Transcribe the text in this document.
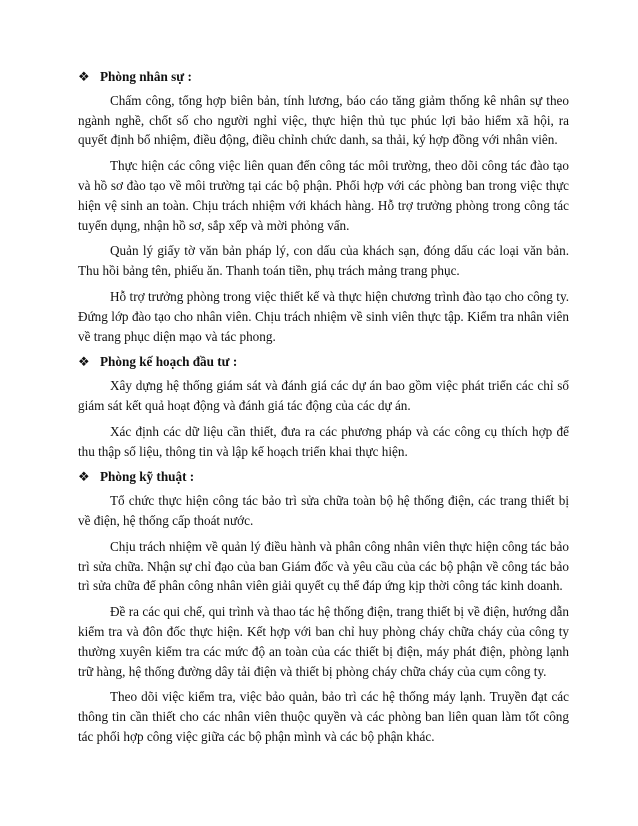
❖ Phòng nhân sự :

Chấm công, tổng hợp biên bản, tính lương, báo cáo tăng giảm thống kê nhân sự theo ngành nghề, chốt số cho người nghỉ việc, thực hiện thủ tục phúc lợi bảo hiểm xã hội, ra quyết định bổ nhiệm, điều động, điều chỉnh chức danh, sa thải, ký hợp đồng với nhân viên.

Thực hiện các công việc liên quan đến công tác môi trường, theo dõi công tác đào tạo và hồ sơ đào tạo về môi trường tại các bộ phận. Phối hợp với các phòng ban trong việc thực hiện vệ sinh an toàn. Chịu trách nhiệm với khách hàng. Hỗ trợ trưởng phòng trong công tác tuyển dụng, nhận hồ sơ, sắp xếp và mời phỏng vấn.

Quản lý giấy tờ văn bản pháp lý, con dấu của khách sạn, đóng dấu các loại văn bản. Thu hồi bảng tên, phiếu ăn. Thanh toán tiền, phụ trách mảng trang phục.

Hỗ trợ trưởng phòng trong việc thiết kế và thực hiện chương trình đào tạo cho công ty. Đứng lớp đào tạo cho nhân viên. Chịu trách nhiệm về sinh viên thực tập. Kiểm tra nhân viên về trang phục diện mạo và tác phong.

❖ Phòng kế hoạch đầu tư :

Xây dựng hệ thống giám sát và đánh giá các dự án bao gồm việc phát triển các chỉ số giám sát kết quả hoạt động và đánh giá tác động của các dự án.

Xác định các dữ liệu cần thiết, đưa ra các phương pháp và các công cụ thích hợp để thu thập số liệu, thông tin và lập kế hoạch triển khai thực hiện.

❖ Phòng kỹ thuật :

Tổ chức thực hiện công tác bảo trì sửa chữa toàn bộ hệ thống điện, các trang thiết bị về điện, hệ thống cấp thoát nước.

Chịu trách nhiệm về quản lý điều hành và phân công nhân viên thực hiện công tác bảo trì sửa chữa. Nhận sự chỉ đạo của ban Giám đốc và yêu cầu của các bộ phận về công tác bảo trì sửa chữa để phân công nhân viên giải quyết cụ thể đáp ứng kịp thời công tác kinh doanh.

Đề ra các qui chế, qui trình và thao tác hệ thống điện, trang thiết bị về điện, hướng dẫn kiểm tra và đôn đốc thực hiện. Kết hợp với ban chỉ huy phòng cháy chữa cháy của công ty thường xuyên kiểm tra các mức độ an toàn của các thiết bị điện, máy phát điện, phòng lạnh trữ hàng, hệ thống đường dây tải điện và thiết bị phòng cháy chữa cháy của cụm công ty.

Theo dõi việc kiểm tra, việc bảo quản, bảo trì các hệ thống máy lạnh. Truyền đạt các thông tin cần thiết cho các nhân viên thuộc quyền và các phòng ban liên quan làm tốt công tác phối hợp công việc giữa các bộ phận mình và các bộ phận khác.
